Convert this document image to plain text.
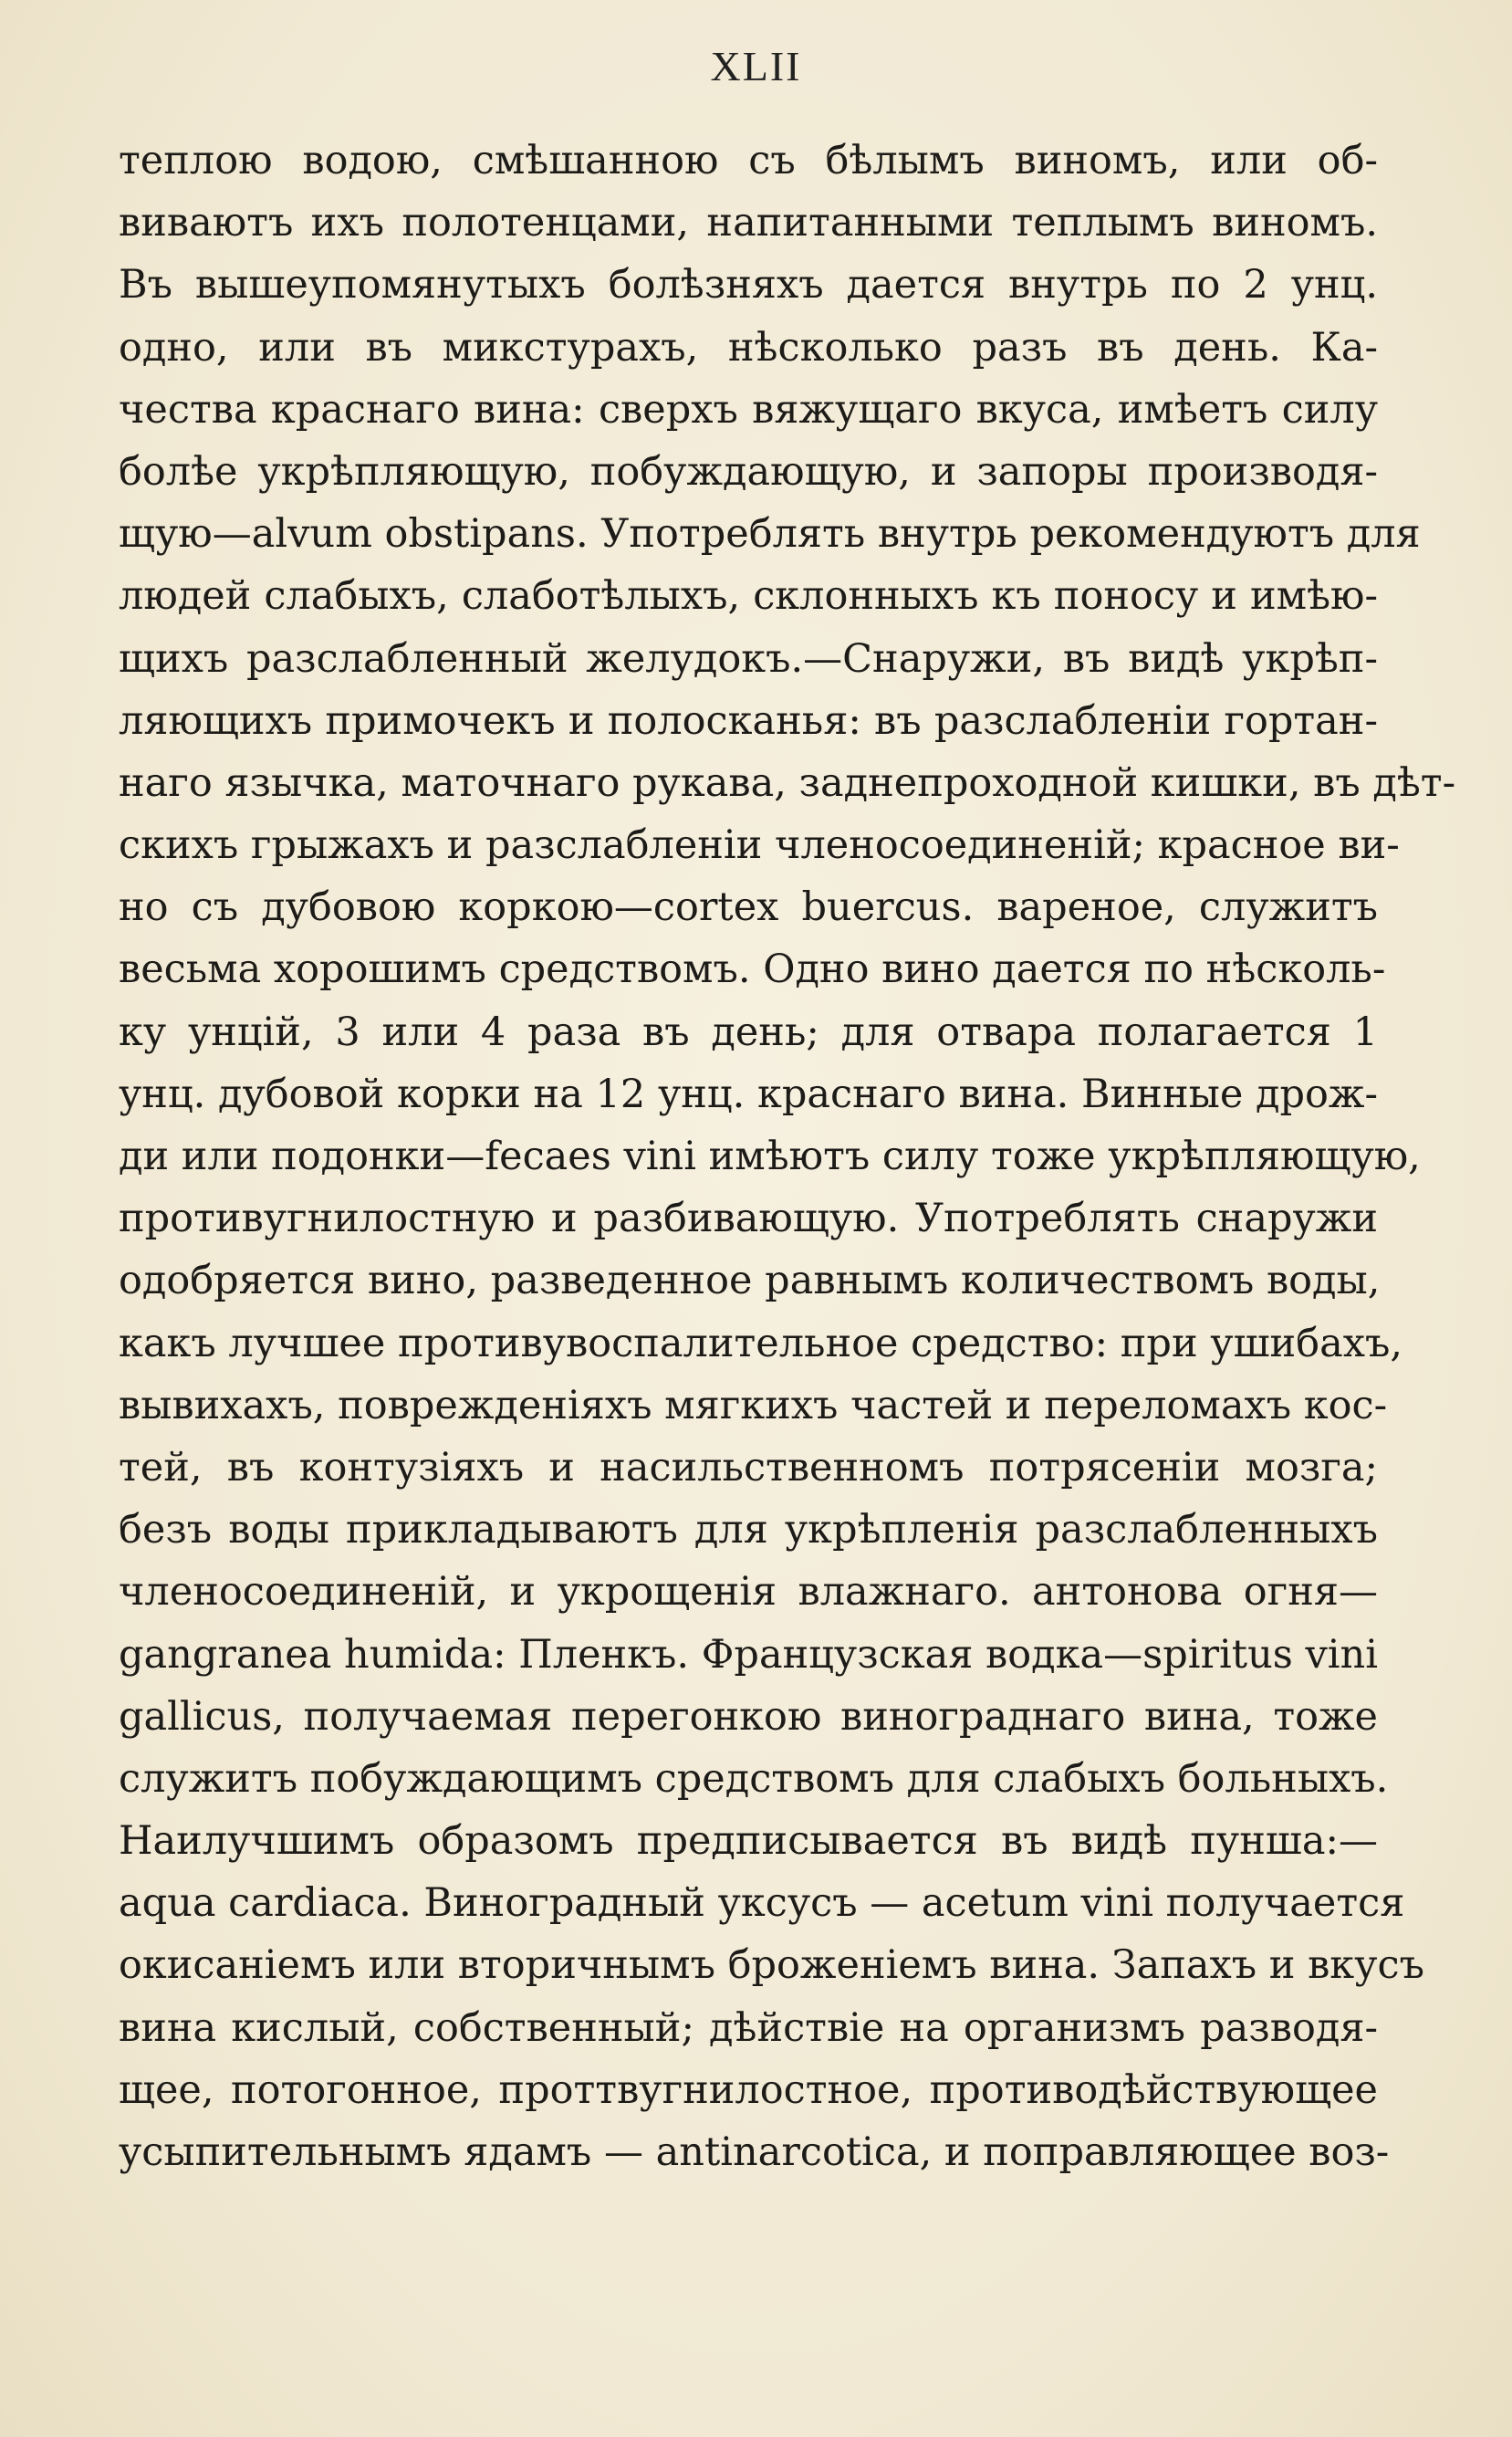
XLII
теплою водою, смѣшанною съ бѣлымъ виномъ, или об-
виваютъ ихъ полотенцами, напитанными теплымъ виномъ.
Въ вышеупомянутыхъ болѣзняхъ дается внутрь по 2 унц.
одно, или въ микстурахъ, нѣсколько разъ въ день. Ка-
чества краснаго вина: сверхъ вяжущаго вкуса, имѣетъ силу
болѣе укрѣпляющую, побуждающую, и запоры производя-
щую—alvum obstipans. Употреблять внутрь рекомендуютъ для
людей слабыхъ, слаботѣлыхъ, склонныхъ къ поносу и имѣю-
щихъ разслабленный желудокъ.—Снаружи, въ видѣ укрѣп-
ляющихъ примочекъ и полосканья: въ разслабленіи гортан-
наго язычка, маточнаго рукава, заднепроходной кишки, въ дѣт-
скихъ грыжахъ и разслабленіи членосоединеній; красное ви-
но съ дубовою коркою—cortex buercus. вареное, служитъ
весьма хорошимъ средствомъ. Одно вино дается по нѣсколь-
ку унцій, 3 или 4 раза въ день; для отвара полагается 1
унц. дубовой корки на 12 унц. краснаго вина. Винные дрож-
ди или подонки—fecaes vini имѣютъ силу тоже укрѣпляющую,
противугнилостную и разбивающую. Употреблять снаружи
одобряется вино, разведенное равнымъ количествомъ воды,
какъ лучшее противувоспалительное средство: при ушибахъ,
вывихахъ, поврежденіяхъ мягкихъ частей и переломахъ кос-
тей, въ контузіяхъ и насильственномъ потрясеніи мозга;
безъ воды прикладываютъ для укрѣпленія разслабленныхъ
членосоединеній, и укрощенія влажнаго. антонова огня—
gangranea humida: Пленкъ. Французская водка—spiritus vini
gallicus, получаемая перегонкою винограднаго вина, тоже
служитъ побуждающимъ средствомъ для слабыхъ больныхъ.
Наилучшимъ образомъ предписывается въ видѣ пунша:—
aqua cardiaca. Виноградный уксусъ — acetum vini получается
окисаніемъ или вторичнымъ броженіемъ вина. Запахъ и вкусъ
вина кислый, собственный; дѣйствіе на организмъ разводя-
щее, потогонное, проттвугнилостное, противодѣйствующее
усыпительнымъ ядамъ — antinarcotica, и поправляющее воз-
